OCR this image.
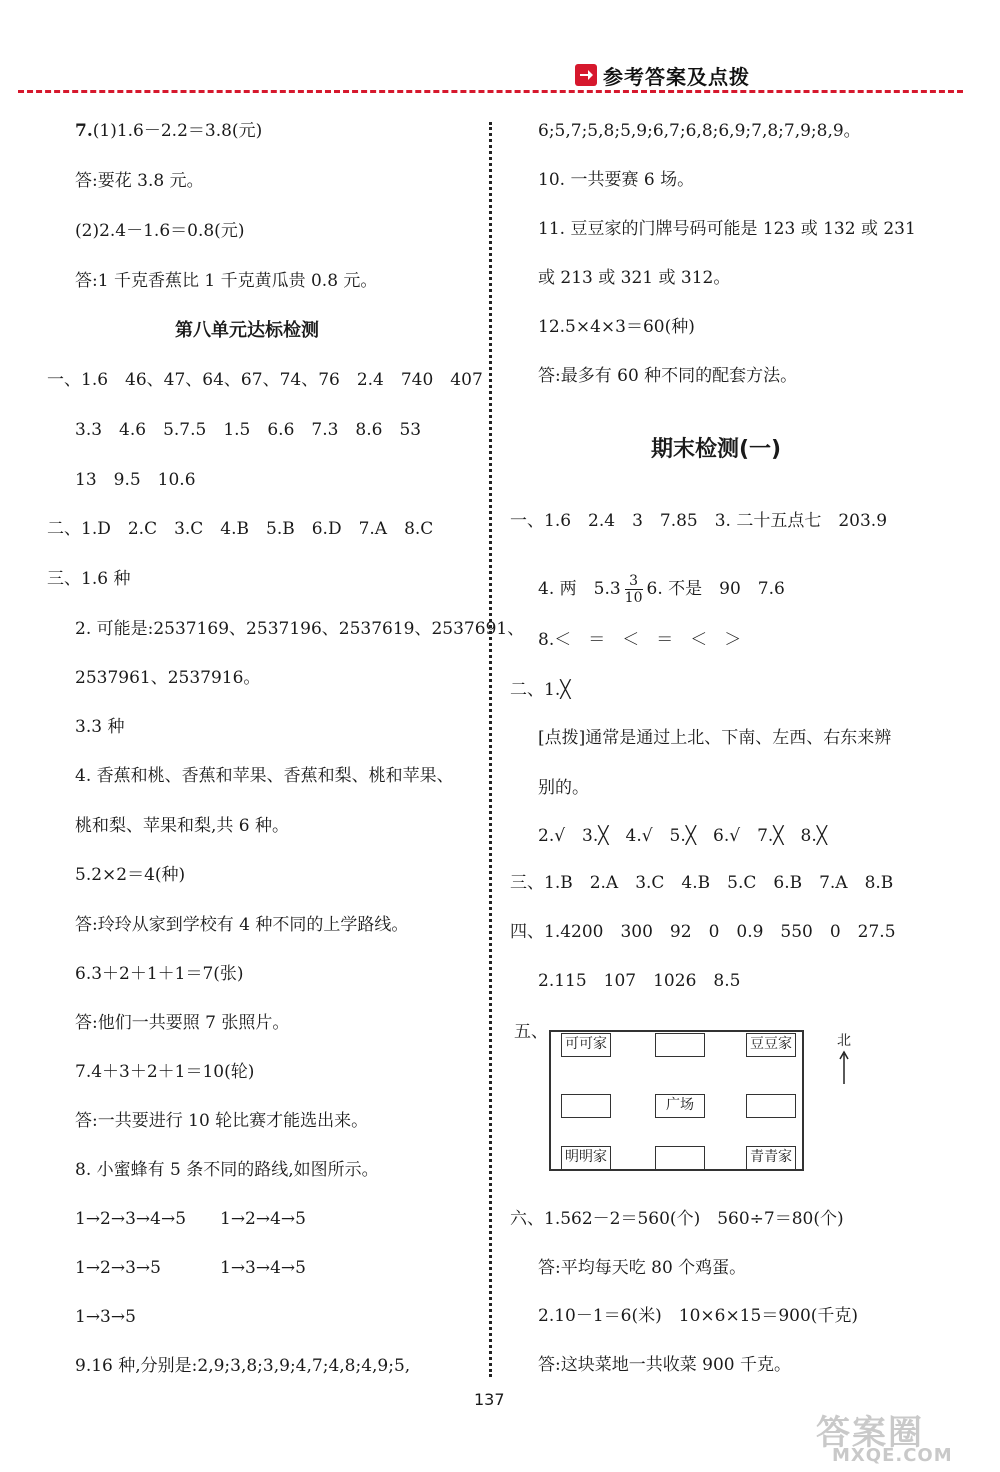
参考答案及点拨
7.(1)1.6－2.2＝3.8(元)
答:要花 3.8 元。
(2)2.4－1.6＝0.8(元)
答:1 千克香蕉比 1 千克黄瓜贵 0.8 元。
第八单元达标检测
一、1.6　46、47、64、67、74、76　2.4　740　407
3.3　4.6　5.7.5　1.5　6.6　7.3　8.6　53
13　9.5　10.6
二、1.D　2.C　3.C　4.B　5.B　6.D　7.A　8.C
三、1.6 种
2. 可能是:2537169、2537196、2537619、2537691、
2537961、2537916。
3.3 种
4. 香蕉和桃、香蕉和苹果、香蕉和梨、桃和苹果、
桃和梨、苹果和梨,共 6 种。
5.2×2＝4(种)
答:玲玲从家到学校有 4 种不同的上学路线。
6.3＋2＋1＋1＝7(张)
答:他们一共要照 7 张照片。
7.4＋3＋2＋1＝10(轮)
答:一共要进行 10 轮比赛才能选出来。
8. 小蜜蜂有 5 条不同的路线,如图所示。
1→2→3→4→5 1→2→4→5
1→2→3→5	1→3→4→5
1→3→5
9.16 种,分别是:2,9;3,8;3,9;4,7;4,8;4,9;5,
6;5,7;5,8;5,9;6,7;6,8;6,9;7,8;7,9;8,9。
10. 一共要赛 6 场。
11. 豆豆家的门牌号码可能是 123 或 132 或 231
或 213 或 321 或 312。
12.5×4×3＝60(种)
答:最多有 60 种不同的配套方法。
期末检测(一)
一、1.6　2.4　3　7.85　3. 二十五点七　203.9
4. 两　$5.3 \frac{3}{10} 6$. 不是　90　7.6
8.＜　＝　＜　＝　＜　＞
二、1.╳
[点拨]通常是通过上北、下南、左西、右东来辨
别的。
2.√　3.╳　4.√　5.╳　6.√　7.╳　8.╳
三、1.B　2.A　3.C　4.B　5.C　6.B　7.A　8.B
四、1.4200　300　92　0　0.9　550　0　27.5
2.115　107　1026　8.5
五、
可可家	豆豆家
广场
明明家	青青家
北
六、1.562－2＝560(个)　560÷7＝80(个)
答:平均每天吃 80 个鸡蛋。
2.10－1＝6(米)　10×6×15＝900(千克)
答:这块菜地一共收菜 900 千克。
137
答案圈
MXQE.COM
